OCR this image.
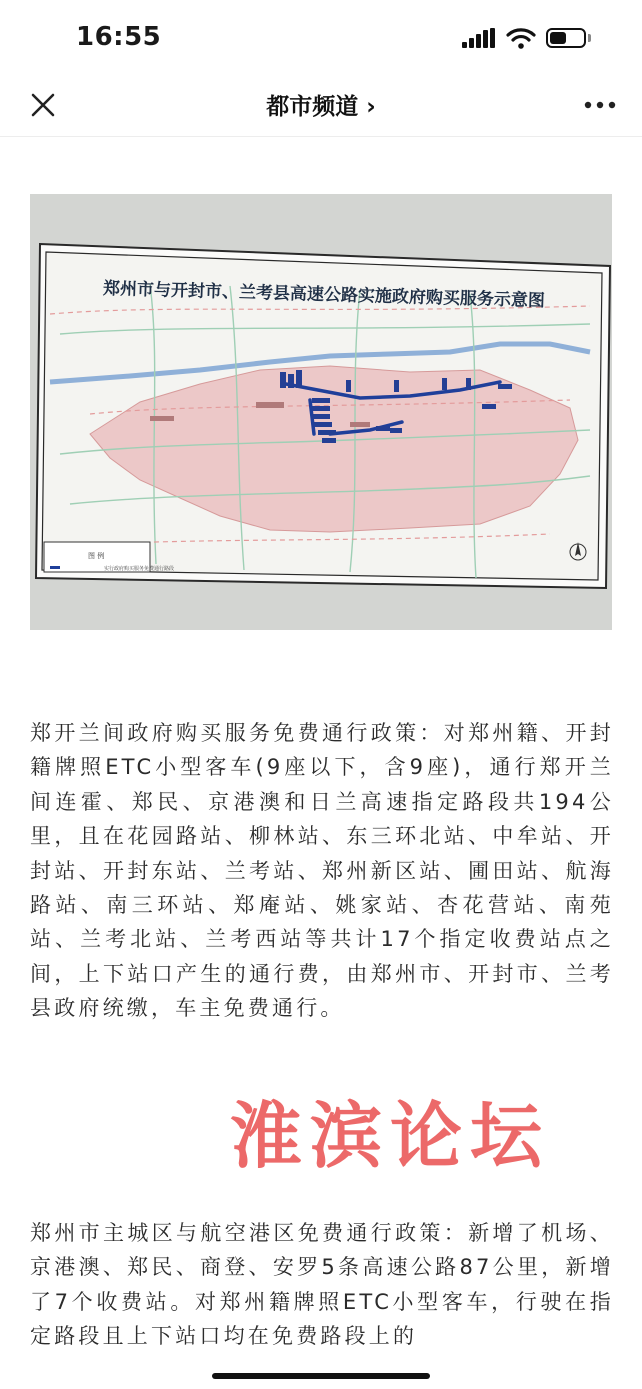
16:55
都市频道 ›
郑州市与开封市、兰考县高速公路实施政府购买服务示意图
图 例
实行政府购买服务免费通行路段
郑开兰间政府购买服务免费通行政策：对郑州籍、开封籍牌照ETC小型客车(9座以下，含9座)，通行郑开兰间连霍、郑民、京港澳和日兰高速指定路段共194公里，且在花园路站、柳林站、东三环北站、中牟站、开封站、开封东站、兰考站、郑州新区站、圃田站、航海路站、南三环站、郑庵站、姚家站、杏花营站、南苑站、兰考北站、兰考西站等共计17个指定收费站点之间，上下站口产生的通行费，由郑州市、开封市、兰考县政府统缴，车主免费通行。
郑州市主城区与航空港区免费通行政策：新增了机场、京港澳、郑民、商登、安罗5条高速公路87公里，新增了7个收费站。对郑州籍牌照ETC小型客车，行驶在指定路段且上下站口均在免费路段上的
淮滨论坛
